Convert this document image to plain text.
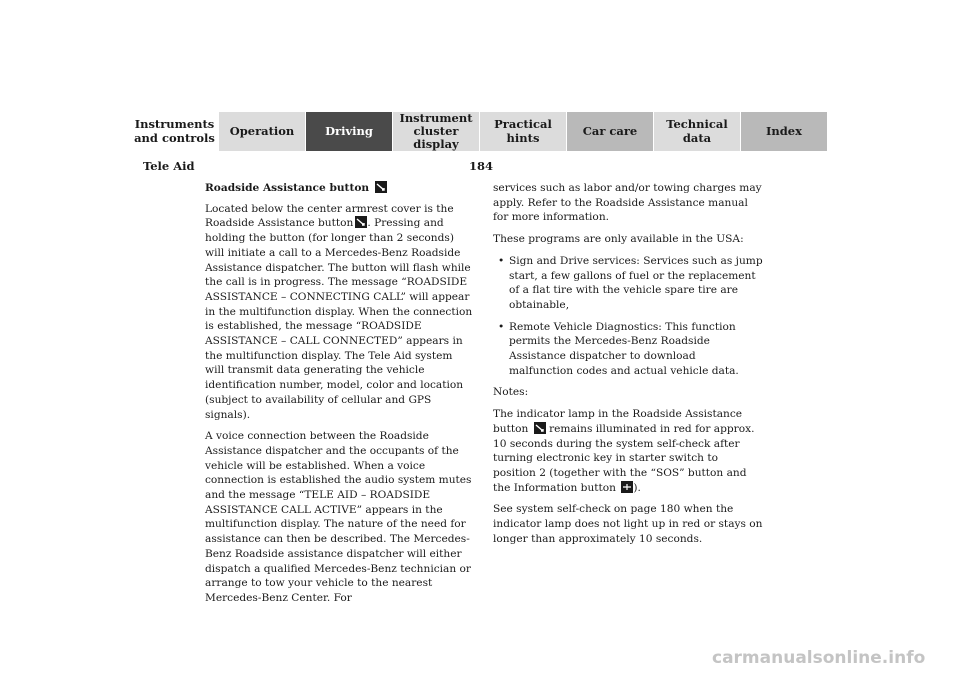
Instruments
and controls	Operation	Driving
Instrument
cluster display
Practical hints	Car care	Technical
data	Index
Tele Aid	184

Roadside Assistance button

Located below the center armrest cover is the Roadside Assistance button . Pressing and holding the button (for longer than 2 seconds) will initiate a call to a Mercedes-Benz Roadside Assistance dispatcher. The button will flash while the call is in progress. The message “ROADSIDE ASSISTANCE – CONNECTING CALL” will appear in the multifunction display. When the connection is established, the message “ROADSIDE ASSISTANCE – CALL CONNECTED” appears in the multifunction display. The Tele Aid system will transmit data generating the vehicle identification number, model, color and location (subject to availability of cellular and GPS signals).

A voice connection between the Roadside Assistance dispatcher and the occupants of the vehicle will be established. When a voice connection is established the audio system mutes and the message “TELE AID – ROADSIDE ASSISTANCE CALL ACTIVE” appears in the multifunction display. The nature of the need for assistance can then be described. The Mercedes-Benz Roadside assistance dispatcher will either dispatch a qualified Mercedes-Benz technician or arrange to tow your vehicle to the nearest Mercedes-Benz Center. For

services such as labor and/or towing charges may apply. Refer to the Roadside Assistance manual for more information.

These programs are only available in the USA:

• Sign and Drive services: Services such as jump start, a few gallons of fuel or the replacement of a flat tire with the vehicle spare tire are obtainable,
• Remote Vehicle Diagnostics: This function permits the Mercedes-Benz Roadside Assistance dispatcher to download malfunction codes and actual vehicle data.

Notes:

The indicator lamp in the Roadside Assistance button
remains illuminated in red for approx. 10 seconds during the system self-check after turning electronic key in starter switch to position 2 (together with the “SOS” button and the Information button ).

See system self-check on page 180 when the indicator lamp does not light up in red or stays on longer than approximately 10 seconds.

carmanualsonline.info
